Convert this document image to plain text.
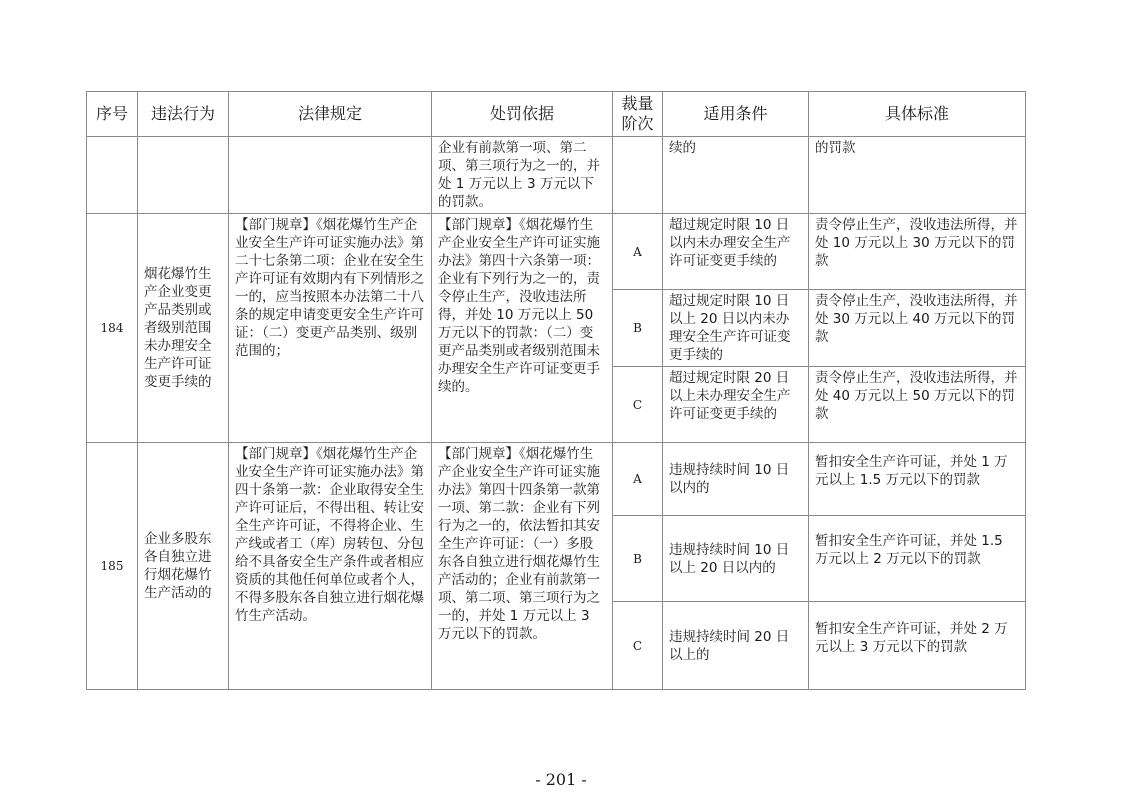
序号	违法行为	法律规定	处罚依据	裁量阶次	适用条件	具体标准
			企业有前款第一项、第二项、第三项行为之一的，并处 1 万元以上 3 万元以下的罚款。		续的	的罚款
184	烟花爆竹生产企业变更产品类别或者级别范围未办理安全生产许可证变更手续的	【部门规章】《烟花爆竹生产企业安全生产许可证实施办法》第二十七条第二项：企业在安全生产许可证有效期内有下列情形之一的，应当按照本办法第二十八条的规定申请变更安全生产许可证：（二）变更产品类别、级别范围的；	【部门规章】《烟花爆竹生产企业安全生产许可证实施办法》第四十六条第一项：企业有下列行为之一的，责令停止生产，没收违法所得，并处 10 万元以上 50 万元以下的罚款：（二）变更产品类别或者级别范围未办理安全生产许可证变更手续的。	A	超过规定时限 10 日以内未办理安全生产许可证变更手续的	责令停止生产，没收违法所得，并处 10 万元以上 30 万元以下的罚款
				B	超过规定时限 10 日以上 20 日以内未办理安全生产许可证变更手续的	责令停止生产，没收违法所得，并处 30 万元以上 40 万元以下的罚款
				C	超过规定时限 20 日以上未办理安全生产许可证变更手续的	责令停止生产，没收违法所得，并处 40 万元以上 50 万元以下的罚款
185	企业多股东各自独立进行烟花爆竹生产活动的	【部门规章】《烟花爆竹生产企业安全生产许可证实施办法》第四十条第一款：企业取得安全生产许可证后，不得出租、转让安全生产许可证，不得将企业、生产线或者工（库）房转包、分包给不具备安全生产条件或者相应资质的其他任何单位或者个人，不得多股东各自独立进行烟花爆竹生产活动。	【部门规章】《烟花爆竹生产企业安全生产许可证实施办法》第四十四条第一款第一项、第二款：企业有下列行为之一的，依法暂扣其安全生产许可证：（一）多股东各自独立进行烟花爆竹生产活动的；企业有前款第一项、第二项、第三项行为之一的，并处 1 万元以上 3 万元以下的罚款。	A	违规持续时间 10 日以内的	暂扣安全生产许可证，并处 1 万元以上 1.5 万元以下的罚款
				B	违规持续时间 10 日以上 20 日以内的	暂扣安全生产许可证，并处 1.5 万元以上 2 万元以下的罚款
				C	违规持续时间 20 日以上的	暂扣安全生产许可证，并处 2 万元以上 3 万元以下的罚款
- 201 -
